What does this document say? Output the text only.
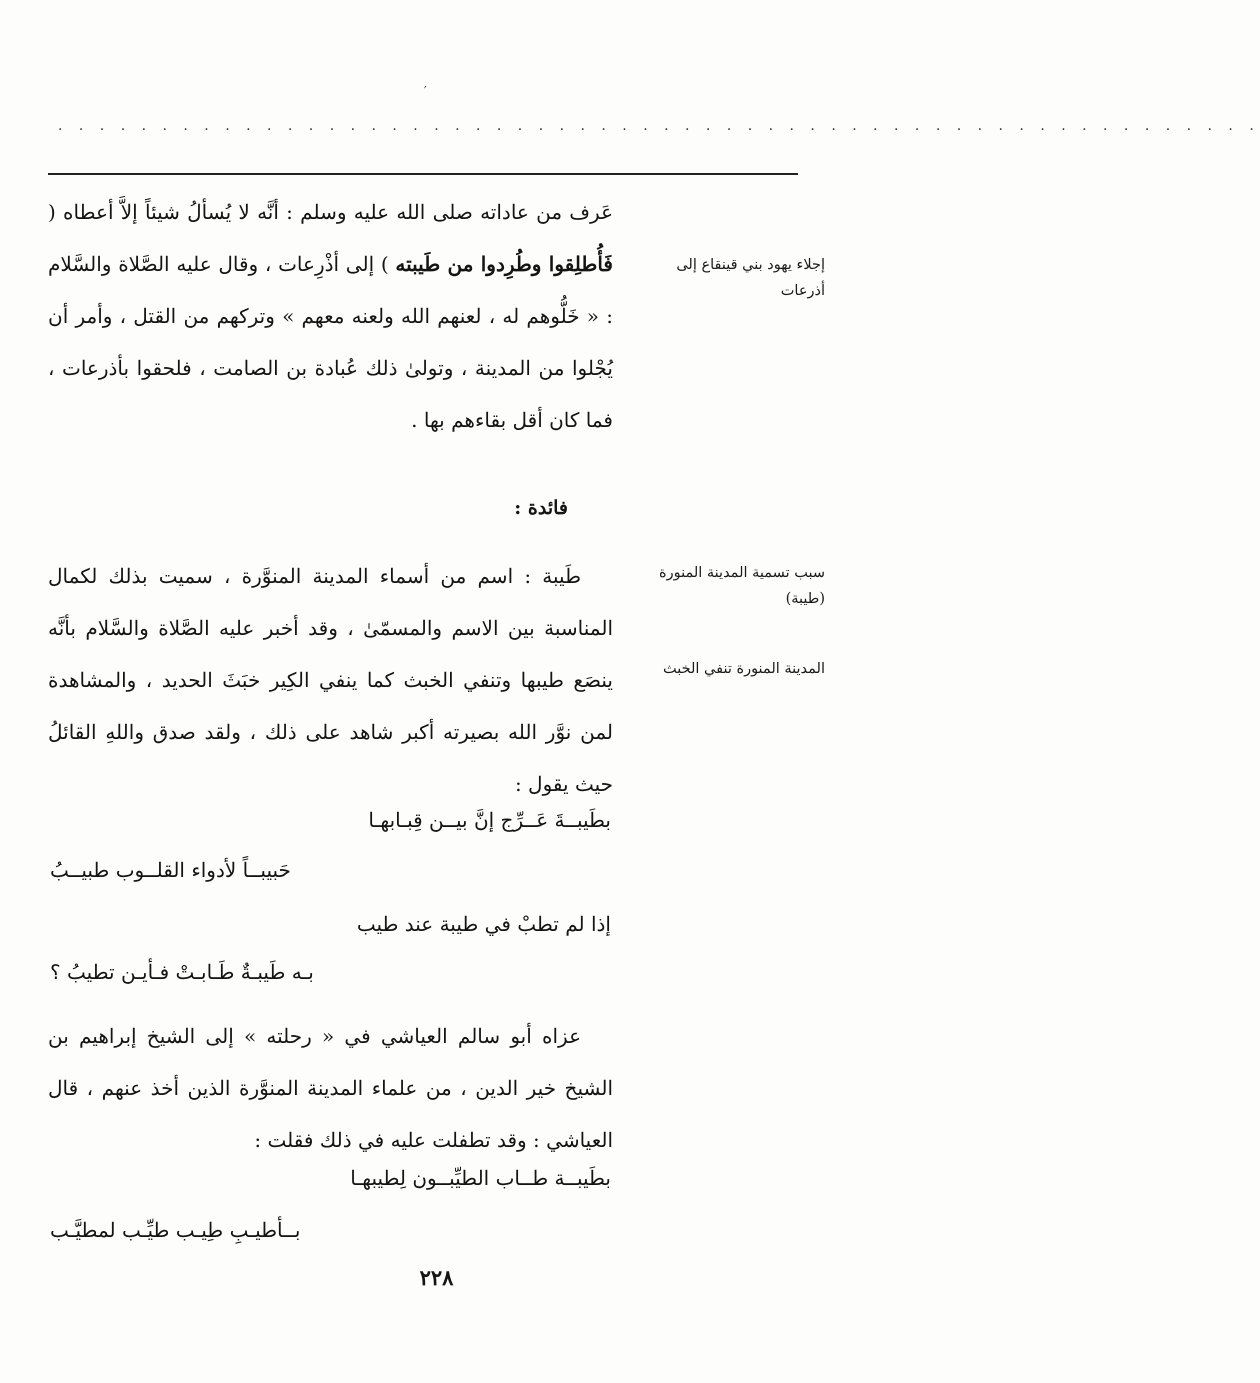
′
. . . . . . . . . . . . . . . . . . . . . . . . . . . . . . . . . . . . . . . . . . . . . . . . . . . . . . . . . .

عَرف من عاداته صلى الله عليه وسلم : أنَّه لا يُسألُ شيئاً إلاَّ أعطاه ( فَأُطلِقوا وطُرِدوا من طَيبته ) إلى أذْرِعات ، وقال عليه الصَّلاة والسَّلام : « خَلُّوهم له ، لعنهم الله ولعنه معهم » وتركهم من القتل ، وأمر أن يُجْلوا من المدينة ، وتولىٰ ذلك عُبادة بن الصامت ، فلحقوا بأذرعات ، فما كان أقل بقاءهم بها .

إجلاء يهود بني قينقاع إلى أذرعات
فائدة :

طَيبة : اسم من أسماء المدينة المنوَّرة ، سميت بذلك لكمال المناسبة بين الاسم والمسمّىٰ ، وقد أخبر عليه الصَّلاة والسَّلام بأنَّه ينصَع طيبها وتنفي الخبث كما ينفي الكِير خبَثَ الحديد ، والمشاهدة لمن نوَّر الله بصيرته أكبر شاهد على ذلك ، ولقد صدق واللهِ القائلُ حيث يقول :

سبب تسمية المدينة المنورة (طيبة)
المدينة المنورة تنفي الخبث
بطَيبــةَ عَــرِّج إنَّ بيــن قِبـابهـا
حَبيبــاً لأدواء القلــوب طبيــبُ
إذا لم تطبْ في طيبة عند طيب
بـه طَيبـةٌ طَـابـتْ فـأيـن تطيبُ ؟

عزاه أبو سالم العياشي في « رحلته » إلى الشيخ إبراهيم بن الشيخ خير الدين ، من علماء المدينة المنوَّرة الذين أخذ عنهم ، قال العياشي : وقد تطفلت عليه في ذلك فقلت :

بطَيبــة طــاب الطيِّبــون لِطيبهـا
بــأطيـبِ طِيـب طيِّـب لمطيَّـب
٢٢٨
